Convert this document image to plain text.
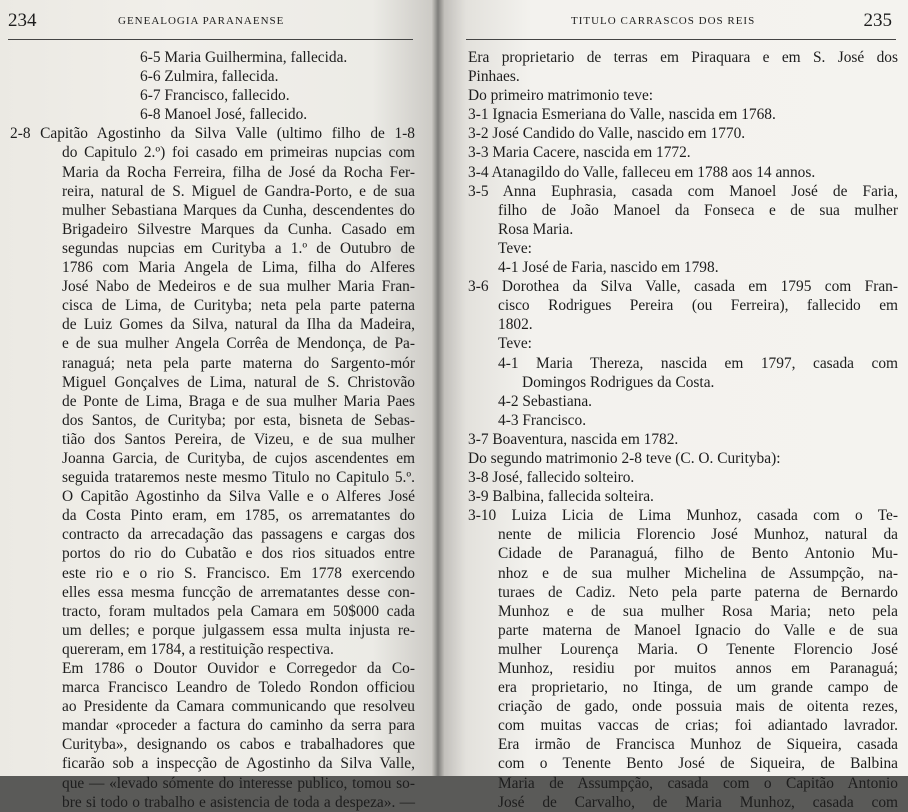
234	GENEALOGIA PARANAENSE
6-5 Maria Guilhermina, fallecida.
6-6 Zulmira, fallecida.
6-7 Francisco, fallecido.
6-8 Manoel José, fallecido.
2-8 Capitão Agostinho da Silva Valle (ultimo filho de 1-8
do Capitulo 2.º) foi casado em primeiras nupcias com
Maria da Rocha Ferreira, filha de José da Rocha Fer-
reira, natural de S. Miguel de Gandra-Porto, e de sua
mulher Sebastiana Marques da Cunha, descendentes do
Brigadeiro Silvestre Marques da Cunha. Casado em
segundas nupcias em Curityba a 1.º de Outubro de
1786 com Maria Angela de Lima, filha do Alferes
José Nabo de Medeiros e de sua mulher Maria Fran-
cisca de Lima, de Curityba; neta pela parte paterna
de Luiz Gomes da Silva, natural da Ilha da Madeira,
e de sua mulher Angela Corrêa de Mendonça, de Pa-
ranaguá; neta pela parte materna do Sargento-mór
Miguel Gonçalves de Lima, natural de S. Christovão
de Ponte de Lima, Braga e de sua mulher Maria Paes
dos Santos, de Curityba; por esta, bisneta de Sebas-
tião dos Santos Pereira, de Vizeu, e de sua mulher
Joanna Garcia, de Curityba, de cujos ascendentes em
seguida trataremos neste mesmo Titulo no Capitulo 5.º.
O Capitão Agostinho da Silva Valle e o Alferes José
da Costa Pinto eram, em 1785, os arrematantes do
contracto da arrecadação das passagens e cargas dos
portos do rio do Cubatão e dos rios situados entre
este rio e o rio S. Francisco. Em 1778 exercendo
elles essa mesma funcção de arrematantes desse con-
tracto, foram multados pela Camara em 50$000 cada
um delles; e porque julgassem essa multa injusta re-
quereram, em 1784, a restituição respectiva.
Em 1786 o Doutor Ouvidor e Corregedor da Co-
marca Francisco Leandro de Toledo Rondon officiou
ao Presidente da Camara communicando que resolveu
mandar «proceder a factura do caminho da serra para
Curityba», designando os cabos e trabalhadores que
ficarão sob a inspecção de Agostinho da Silva Valle,
que — «levado sómente do interesse publico, tomou so-
bre si todo o trabalho e asistencia de toda a despeza». —
TITULO CARRASCOS DOS REIS	235
Era proprietario de terras em Piraquara e em S. José dos
Pinhaes.
Do primeiro matrimonio teve:
3-1 Ignacia Esmeriana do Valle, nascida em 1768.
3-2 José Candido do Valle, nascido em 1770.
3-3 Maria Cacere, nascida em 1772.
3-4 Atanagildo do Valle, falleceu em 1788 aos 14 annos.
3-5 Anna Euphrasia, casada com Manoel José de Faria,
filho de João Manoel da Fonseca e de sua mulher
Rosa Maria.
Teve:
4-1 José de Faria, nascido em 1798.
3-6 Dorothea da Silva Valle, casada em 1795 com Fran-
cisco Rodrigues Pereira (ou Ferreira), fallecido em
1802.
Teve:
4-1 Maria Thereza, nascida em 1797, casada com
Domingos Rodrigues da Costa.
4-2 Sebastiana.
4-3 Francisco.
3-7 Boaventura, nascida em 1782.
Do segundo matrimonio 2-8 teve (C. O. Curityba):
3-8 José, fallecido solteiro.
3-9 Balbina, fallecida solteira.
3-10 Luiza Licia de Lima Munhoz, casada com o Te-
nente de milicia Florencio José Munhoz, natural da
Cidade de Paranaguá, filho de Bento Antonio Mu-
nhoz e de sua mulher Michelina de Assumpção, na-
turaes de Cadiz. Neto pela parte paterna de Bernardo
Munhoz e de sua mulher Rosa Maria; neto pela
parte materna de Manoel Ignacio do Valle e de sua
mulher Lourença Maria. O Tenente Florencio José
Munhoz, residiu por muitos annos em Paranaguá;
era proprietario, no Itinga, de um grande campo de
criação de gado, onde possuia mais de oitenta rezes,
com muitas vaccas de crias; foi adiantado lavrador.
Era irmão de Francisca Munhoz de Siqueira, casada
com o Tenente Bento José de Siqueira, de Balbina
Maria de Assumpção, casada com o Capitão Antonio
José de Carvalho, de Maria Munhoz, casada com
